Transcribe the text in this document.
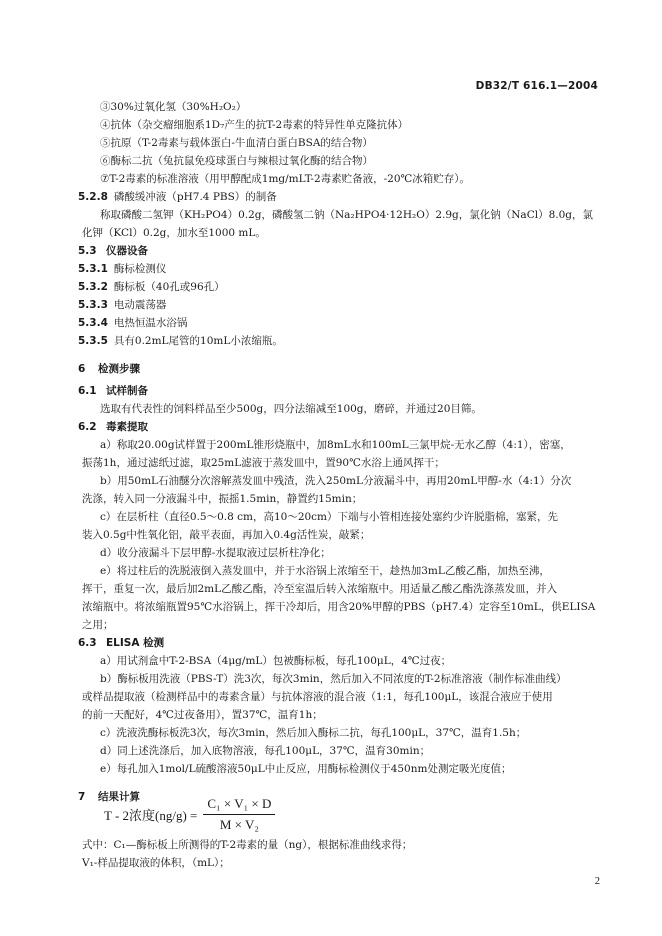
DB32/T 616.1—2004
③30%过氧化氢（30%H₂O₂）
④抗体（杂交瘤细胞系1D₇产生的抗T-2毒素的特异性单克隆抗体）
⑤抗原（T-2毒素与载体蛋白-牛血清白蛋白BSA的结合物）
⑥酶标二抗（兔抗鼠免疫球蛋白与辣根过氧化酶的结合物）
⑦T-2毒素的标准溶液（用甲醇配成1mg/mLT-2毒素贮备液，-20℃冰箱贮存）。
5.2.8 磷酸缓冲液（pH7.4 PBS）的制备
称取磷酸二氢钾（KH₂PO4）0.2g，磷酸氢二钠（Na₂HPO4·12H₂O）2.9g，氯化钠（NaCl）8.0g，氯
化钾（KCl）0.2g，加水至1000 mL。
5.3 仪器设备
5.3.1 酶标检测仪
5.3.2 酶标板（40孔或96孔）
5.3.3 电动震荡器
5.3.4 电热恒温水浴锅
5.3.5 具有0.2mL尾管的10mL小浓缩瓶。
6 检测步骤
6.1 试样制备
选取有代表性的饲料样品至少500g，四分法缩减至100g，磨碎，并通过20目筛。
6.2 毒素提取
a）称取20.00g试样置于200mL锥形烧瓶中，加8mL水和100mL三氯甲烷-无水乙醇（4:1），密塞，
振荡1h，通过滤纸过滤，取25mL滤液于蒸发皿中，置90℃水浴上通风挥干；
b）用50mL石油醚分次溶解蒸发皿中残渣，洗入250mL分液漏斗中，再用20mL甲醇-水（4:1）分次
洗涤，转入同一分液漏斗中，振摇1.5min，静置约15min；
c）在层析柱（直径0.5～0.8 cm，高10～20cm）下端与小管相连接处塞约少许脱脂棉，塞紧，先
装入0.5g中性氧化铝，敲平表面，再加入0.4g活性炭，敲紧；
d）收分液漏斗下层甲醇-水提取液过层析柱净化；
e）将过柱后的洗脱液倒入蒸发皿中，并于水浴锅上浓缩至干，趁热加3mL乙酸乙酯，加热至沸，
挥干，重复一次，最后加2mL乙酸乙酯，冷至室温后转入浓缩瓶中。用适量乙酸乙酯洗涤蒸发皿，并入
浓缩瓶中。将浓缩瓶置95℃水浴锅上，挥干冷却后，用含20%甲醇的PBS（pH7.4）定容至10mL，供ELISA
之用；
6.3 ELISA 检测
a）用试剂盒中T-2-BSA（4μg/mL）包被酶标板，每孔100μL，4℃过夜；
b）酶标板用洗液（PBS-T）洗3次，每次3min，然后加入不同浓度的T-2标准溶液（制作标准曲线）
或样品提取液（检测样品中的毒素含量）与抗体溶液的混合液（1:1，每孔100μL，该混合液应于使用
的前一天配好，4℃过夜备用），置37℃，温育1h；
c）洗液洗酶标板洗3次，每次3min，然后加入酶标二抗，每孔100μL，37℃，温育1.5h；
d）同上述洗涤后，加入底物溶液，每孔100μL，37℃，温育30min；
e）每孔加入1mol/L硫酸溶液50μL中止反应，用酶标检测仪于450nm处测定吸光度值；
7 结果计算
T - 2浓度$(ng/g) = \frac{\text{C₁ × V₁ × D}}{\text{M × V₂}}$
式中：C₁—酶标板上所测得的T-2毒素的量（ng），根据标准曲线求得；
V₁-样品提取液的体积，（mL）；
2
